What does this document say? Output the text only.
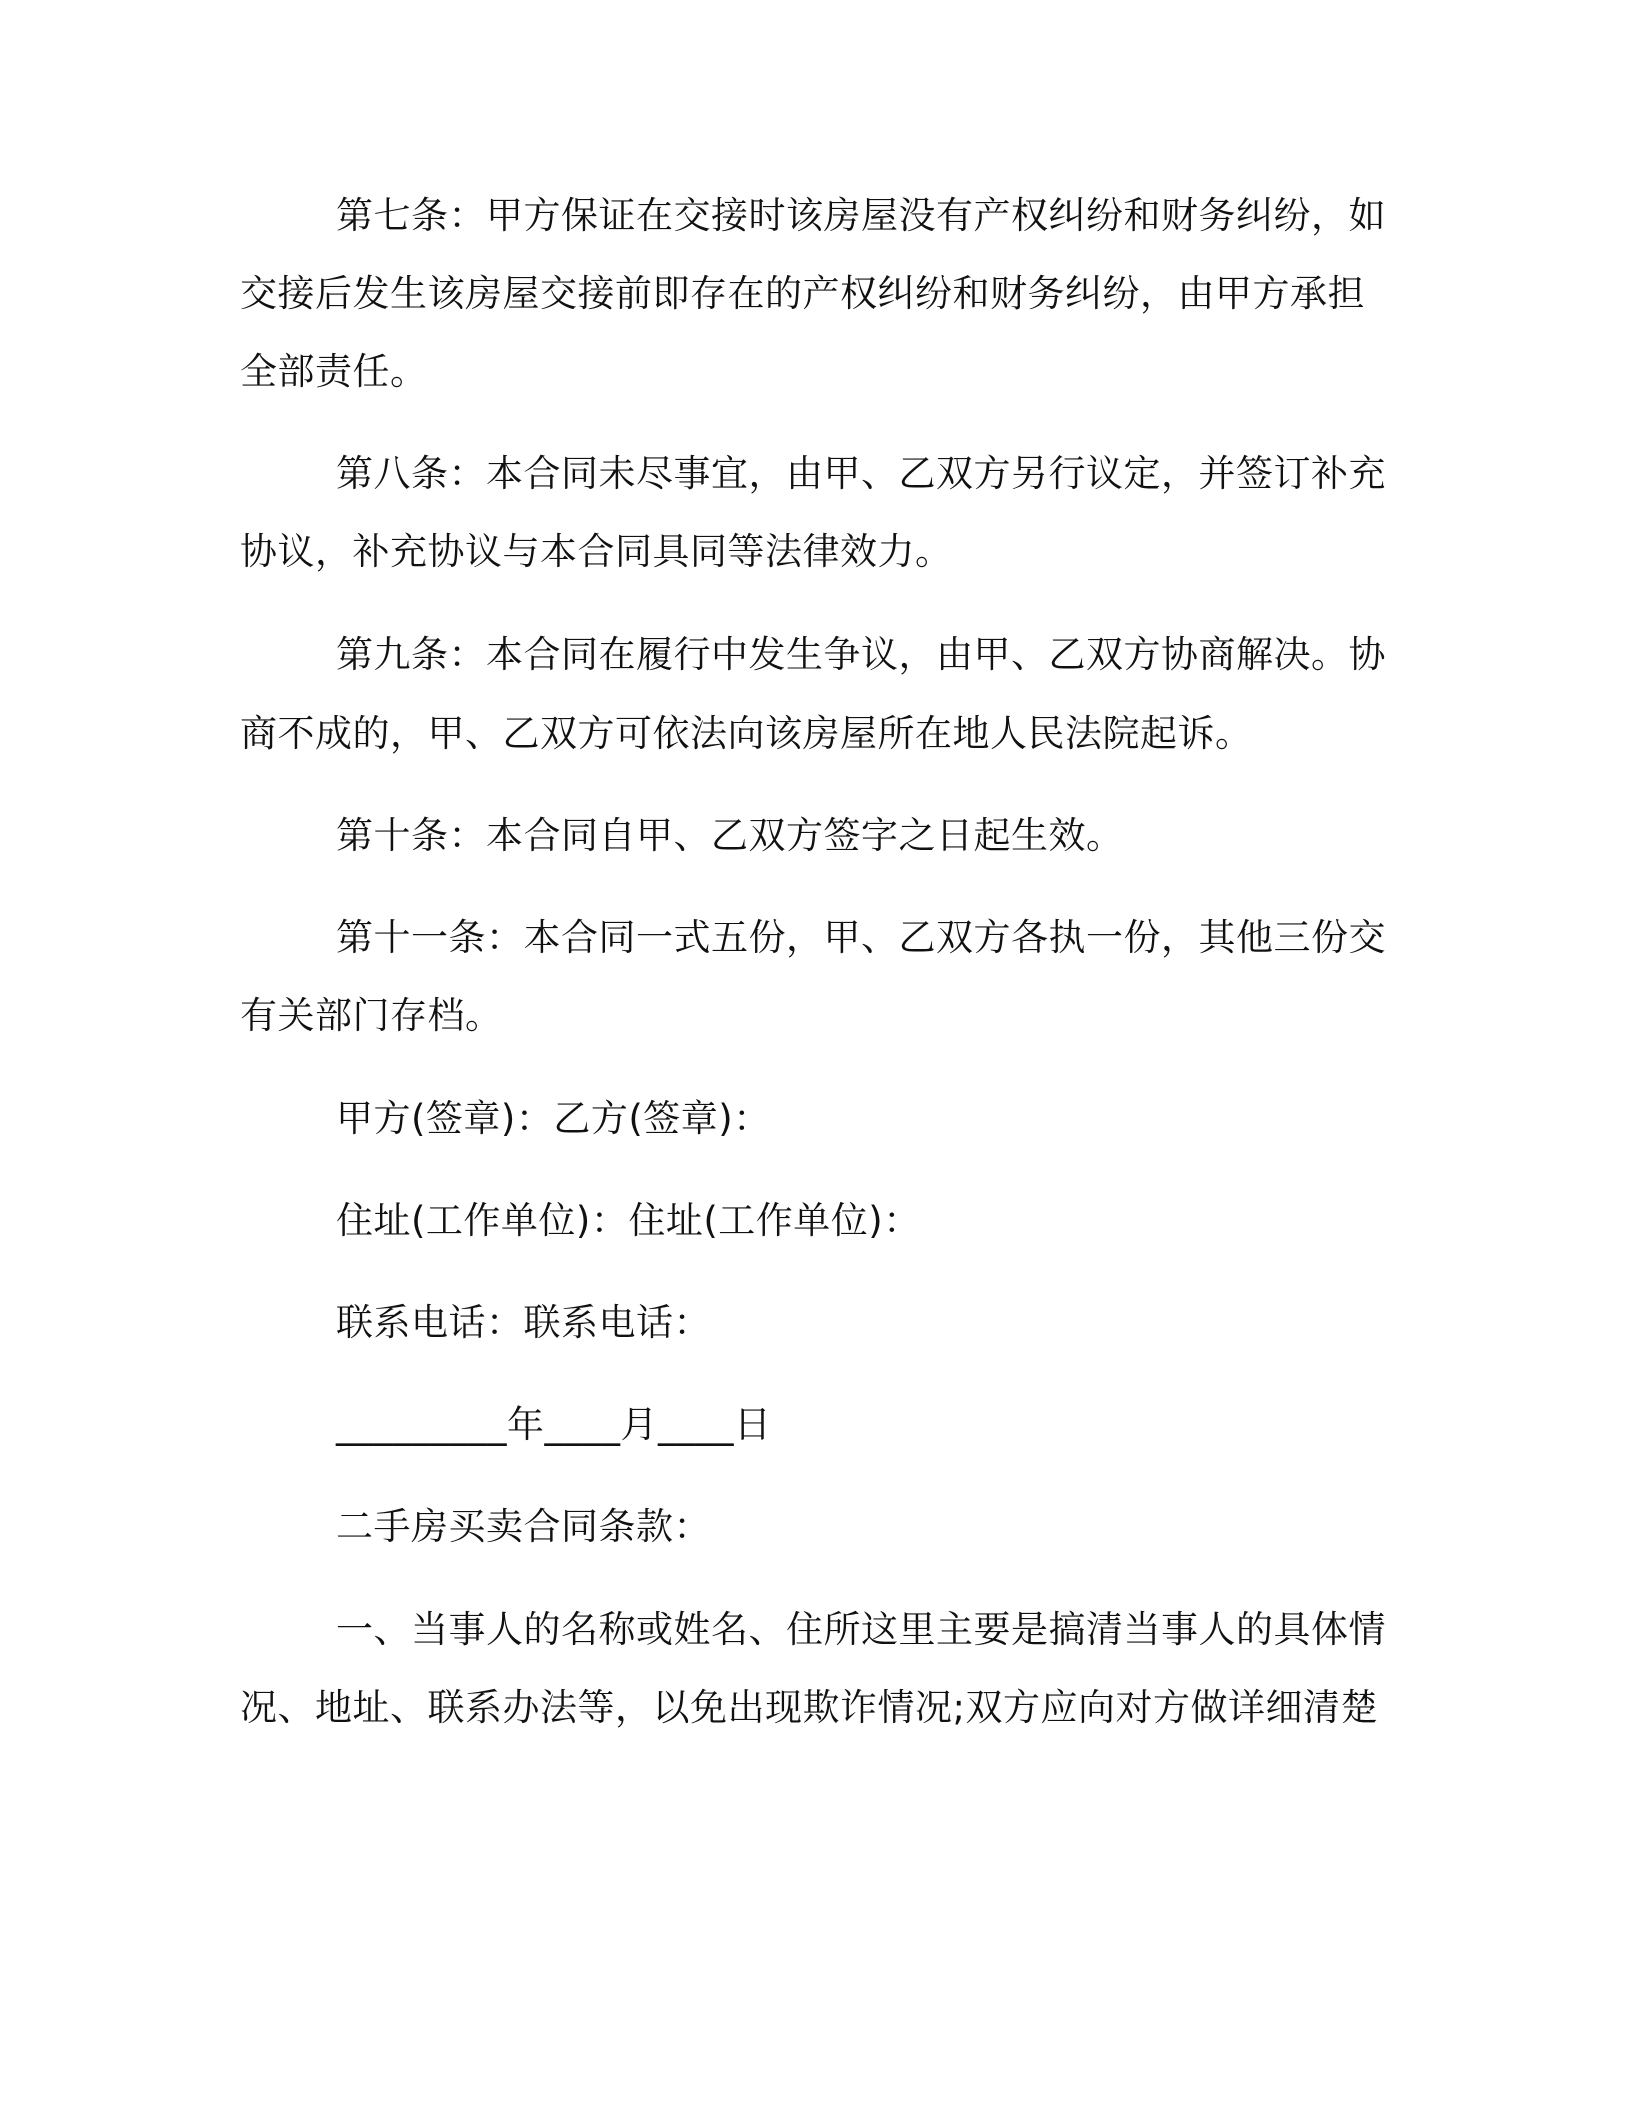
第七条：甲方保证在交接时该房屋没有产权纠纷和财务纠纷，如

交接后发生该房屋交接前即存在的产权纠纷和财务纠纷，由甲方承担

全部责任。

第八条：本合同未尽事宜，由甲、乙双方另行议定，并签订补充

协议，补充协议与本合同具同等法律效力。

第九条：本合同在履行中发生争议，由甲、乙双方协商解决。协

商不成的，甲、乙双方可依法向该房屋所在地人民法院起诉。

第十条：本合同自甲、乙双方签字之日起生效。

第十一条：本合同一式五份，甲、乙双方各执一份，其他三份交

有关部门存档。

甲方(签章)：乙方(签章)：

住址(工作单位)：住址(工作单位)：

联系电话：联系电话：

_________年____月____日

二手房买卖合同条款：

一、当事人的名称或姓名、住所这里主要是搞清当事人的具体情

况、地址、联系办法等，以免出现欺诈情况;双方应向对方做详细清楚
